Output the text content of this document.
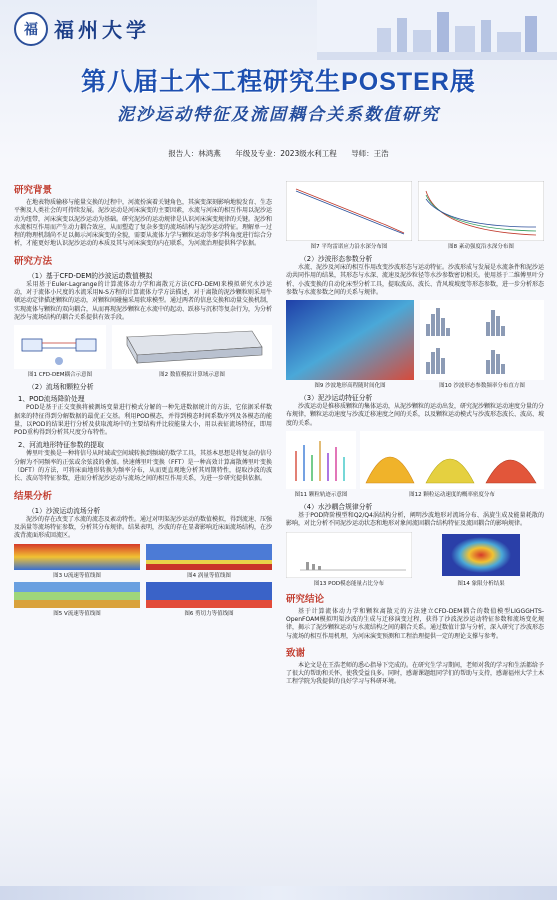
福 福州大学
第八届土木工程研究生POSTER展
泥沙运动特征及流固耦合关系数值研究
报告人：林鸿燕 年级及专业：2023级水利工程 导师：王浩
研究背景

在地表物质输移与能量交换的过程中，河流扮演着关键角色，其演变深刻影响地貌发育、生态平衡及人类社会的可持续发展。泥沙运动是河床演变的主要因素，水流与河床的相互作用以泥沙运动为纽带，河床演变以泥沙运动为基础。研究泥沙的运动规律是认识河床演变规律的关键。泥沙和水流相互作用而产生动力耦合效应，从而塑造了复杂多变的流场结构与泥沙运动特征。理解单一过程的物理机制尚不足以揭示河床演变的全貌，需要从流体力学与颗粒运动等多学科角度进行综合分析，才能更好地认识泥沙运动的本质及其与河床演变的内在联系，为河流治理提供科学依据。

研究方法
（1）基于CFD-DEM的沙波运动数值模拟

采用基于Euler-Lagrange的计算流体动力学和离散元方法(CFD-DEM)来模拟研究水沙运动，对于流体小尺度的水流采用N-S方程的计算流体力学方法描述，对于离散的泥沙颗粒则采用牛顿运动定律描述颗粒的运动，对颗粒间碰撞采用软球模型。通过两者的信息交换和动量交换机制，实现流体与颗粒的双向耦合，从而再现泥沙颗粒在水流中的起动、跃移与沉积等复杂行为，为分析泥沙与流场结构的耦合关系提供有效手段。

图1 CFD-DEM耦合示意图	图2 数值模拟计算域示意图
（2）流场和颗粒分析
1、POD流场降阶处理

POD是基于正交变换将被测场变量进行模式分解的一种先进数据统计的方法，它依据采样数据来的特征得到分解数据的最优正交基。利用POD模态，并得到模态时间系数序列及各模态的能量，以POD的结果进行分析及获取流场中的主要结构并比较能量大小，用以表征流场特征，即用POD重构得到分析其尺度分布特性。

2、河流地形特征参数的提取

傅里叶变换是一种将信号从时域或空间域转换到频域的数学工具，其基本思想是将复杂的信号分解为不同频率的正弦或余弦波的叠加。快速傅里叶变换（FFT）是一种高效计算离散傅里叶变换（DFT）的方法，可将床面地形转换为频率分布，从而更直观地分析其周期特性，提取沙波的波长、波高等特征参数，进而分析泥沙运动与流场之间的相互作用关系，为进一步研究提供依据。

结果分析
（1）沙波运动流场分析

泥沙的存在改变了水流的流态及紊动特性。通过对明渠泥沙运动的数值模拟，得到流速、压强及涡量等流场特征参数，分析其分布规律。结果表明，沙波的存在显著影响近床面流场结构，在沙波背流面形成回流区。

图3 U流速等值线图	图4 涡量等值线图
图5 V流速等值线图	图6 剪切力等值线图
图7 平均雷诺应力沿水深分布图	图8 紊动强度沿水深分布图
（2）沙波形态参数分析

水流、泥沙及河床的相互作用改变沙波形态与运动特征。沙波形成与发展是水流条件和泥沙运动共同作用的结果，其形态与水深、流速及泥沙粒径等水沙参数密切相关。使用基于二维傅里叶分析、小波变换的自动化床型分析工具，提取波高、波长、背风坡坡度等形态参数，进一步分析形态参数与水流参数之间的关系与规律。

图9 沙波地形高程随时间化图	图10 沙波形态参数频率分布直方图
（3）泥沙运动特征分析

沙波运动是推移质颗粒的集体运动，从泥沙颗粒的运动出发，研究泥沙颗粒运动速度分量的分布规律，颗粒运动速度与沙波迁移速度之间的关系，以及颗粒运动模式与沙波形态波长、波高、坡度的关系。

图11 颗粒轨迹示意图	图12 颗粒运动速度的概率密度分布
（4）水沙耦合规律分析

基于POD降阶模型和Q2/Q4涡结构分析，阐明沙波地形对流场分布、涡旋生成及能量耗散的影响，对比分析不同泥沙运动状态和地形对象间流固耦合结构特征及流固耦合的影响规律。

图13 POD模态能量占比分布	图14 象限分析结果
研究结论

基于计算流体动力学和颗粒离散元的方法建立CFD-DEM耦合的数值模型LIGGGHTS-OpenFOAM模拟明渠沙波的生成与迁移演变过程，获得了沙波泥沙运动特征参数和流场变化规律，揭示了泥沙颗粒运动与水流结构之间的耦合关系。通过数值计算与分析，深入研究了沙波形态与流场的相互作用机理，为河床演变预测和工程治理提供一定的理论支撑与参考。

致谢

本论文是在王浩老师的悉心指导下完成的。在研究生学习期间，老师对我的学习和生活都给予了很大的帮助和关怀，使我受益良多。同时，感谢课题组同学们的帮助与支持，感谢福州大学土木工程学院为我提供的良好学习与科研环境。
